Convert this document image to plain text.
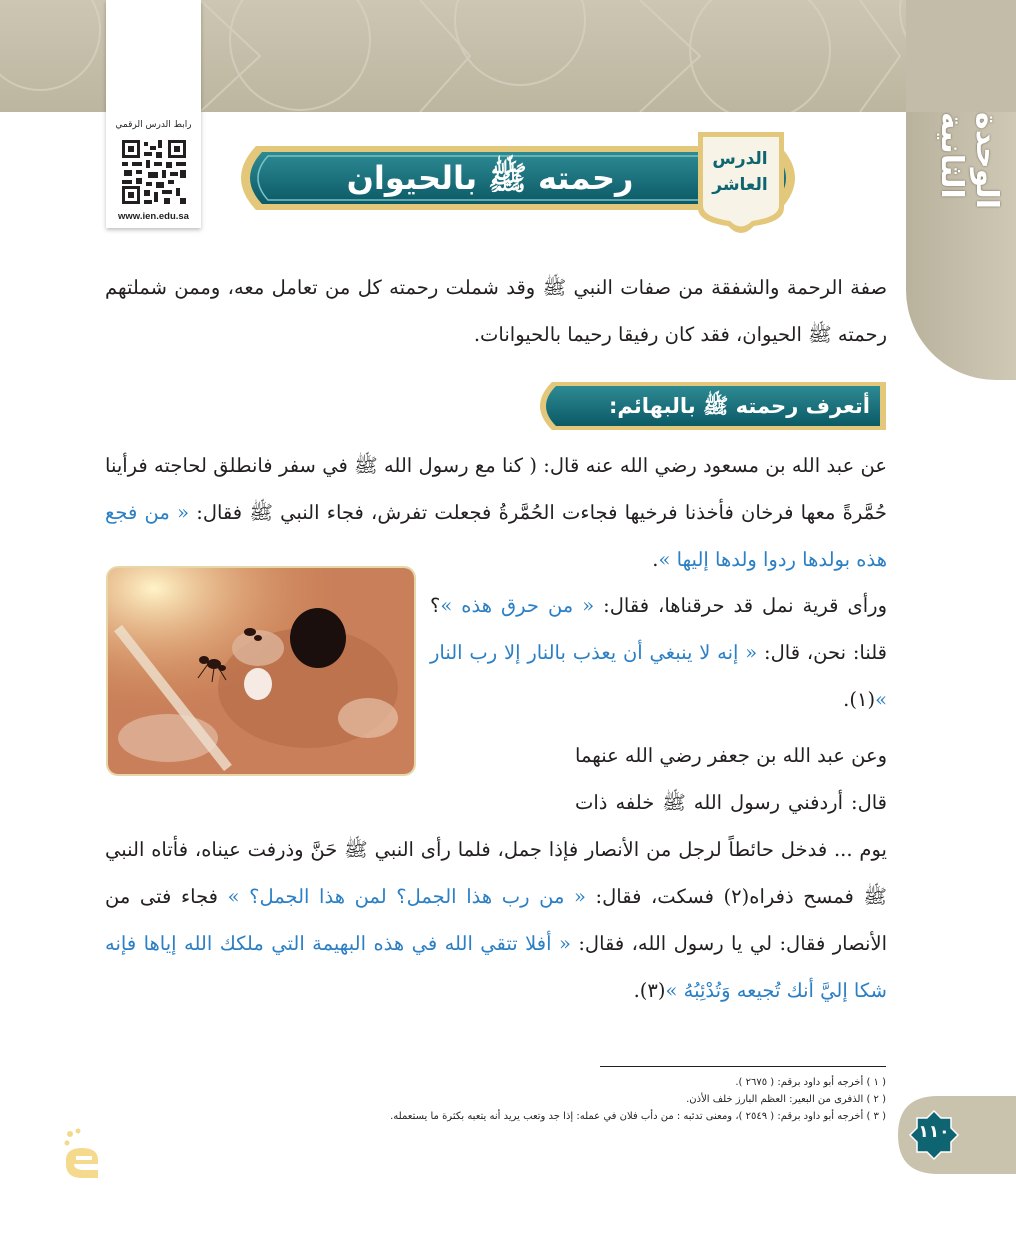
الوحدة الثانية
رابط الدرس الرقمي
www.ien.edu.sa
الدرس
العاشر
رحمته ﷺ بالحيوان
صفة الرحمة والشفقة من صفات النبي ﷺ وقد شملت رحمته كل من تعامل معه، وممن شملتهم رحمته ﷺ الحيوان، فقد كان رفيقا رحيما بالحيوانات.
أتعرف رحمته ﷺ بالبهائم:
عن عبد الله بن مسعود رضي الله عنه قال: ( كنا مع رسول الله ﷺ في سفر فانطلق لحاجته فرأينا حُمَّرةً معها فرخان فأخذنا فرخيها فجاءت الحُمَّرةُ فجعلت تفرش، فجاء النبي ﷺ فقال: « من فجع هذه بولدها ردوا ولدها إليها ».
ورأى قرية نمل قد حرقناها، فقال: « من حرق هذه »؟ قلنا: نحن، قال: « إنه لا ينبغي أن يعذب بالنار إلا رب النار »(١).
وعن عبد الله بن جعفر رضي الله عنهما قال: أردفني رسول الله ﷺ خلفه ذات يوم ... فدخل حائطاً لرجل من الأنصار فإذا جمل، فلما رأى النبي ﷺ حَنَّ وذرفت عيناه، فأتاه النبي ﷺ فمسح ذفراه(٢) فسكت، فقال: « من رب هذا الجمل؟ لمن هذا الجمل؟ » فجاء فتى من الأنصار فقال: لي يا رسول الله، فقال: « أفلا تتقي الله في هذه البهيمة التي ملكك الله إياها فإنه شكا إليَّ أنك تُجيعه وَتُدْئِبُهُ »(٣).
( ١ ) أخرجه أبو داود برقم: ( ٢٦٧٥ ).
( ٢ ) الذفرى من البعير: العظم البارز خلف الأذن.
( ٣ ) أخرجه أبو داود برقم: ( ٢٥٤٩ )، ومعنى تدئبه : من دأب فلان في عمله: إذا جد وتعب يريد أنه يتعبه بكثرة ما يستعمله.
١١٠
